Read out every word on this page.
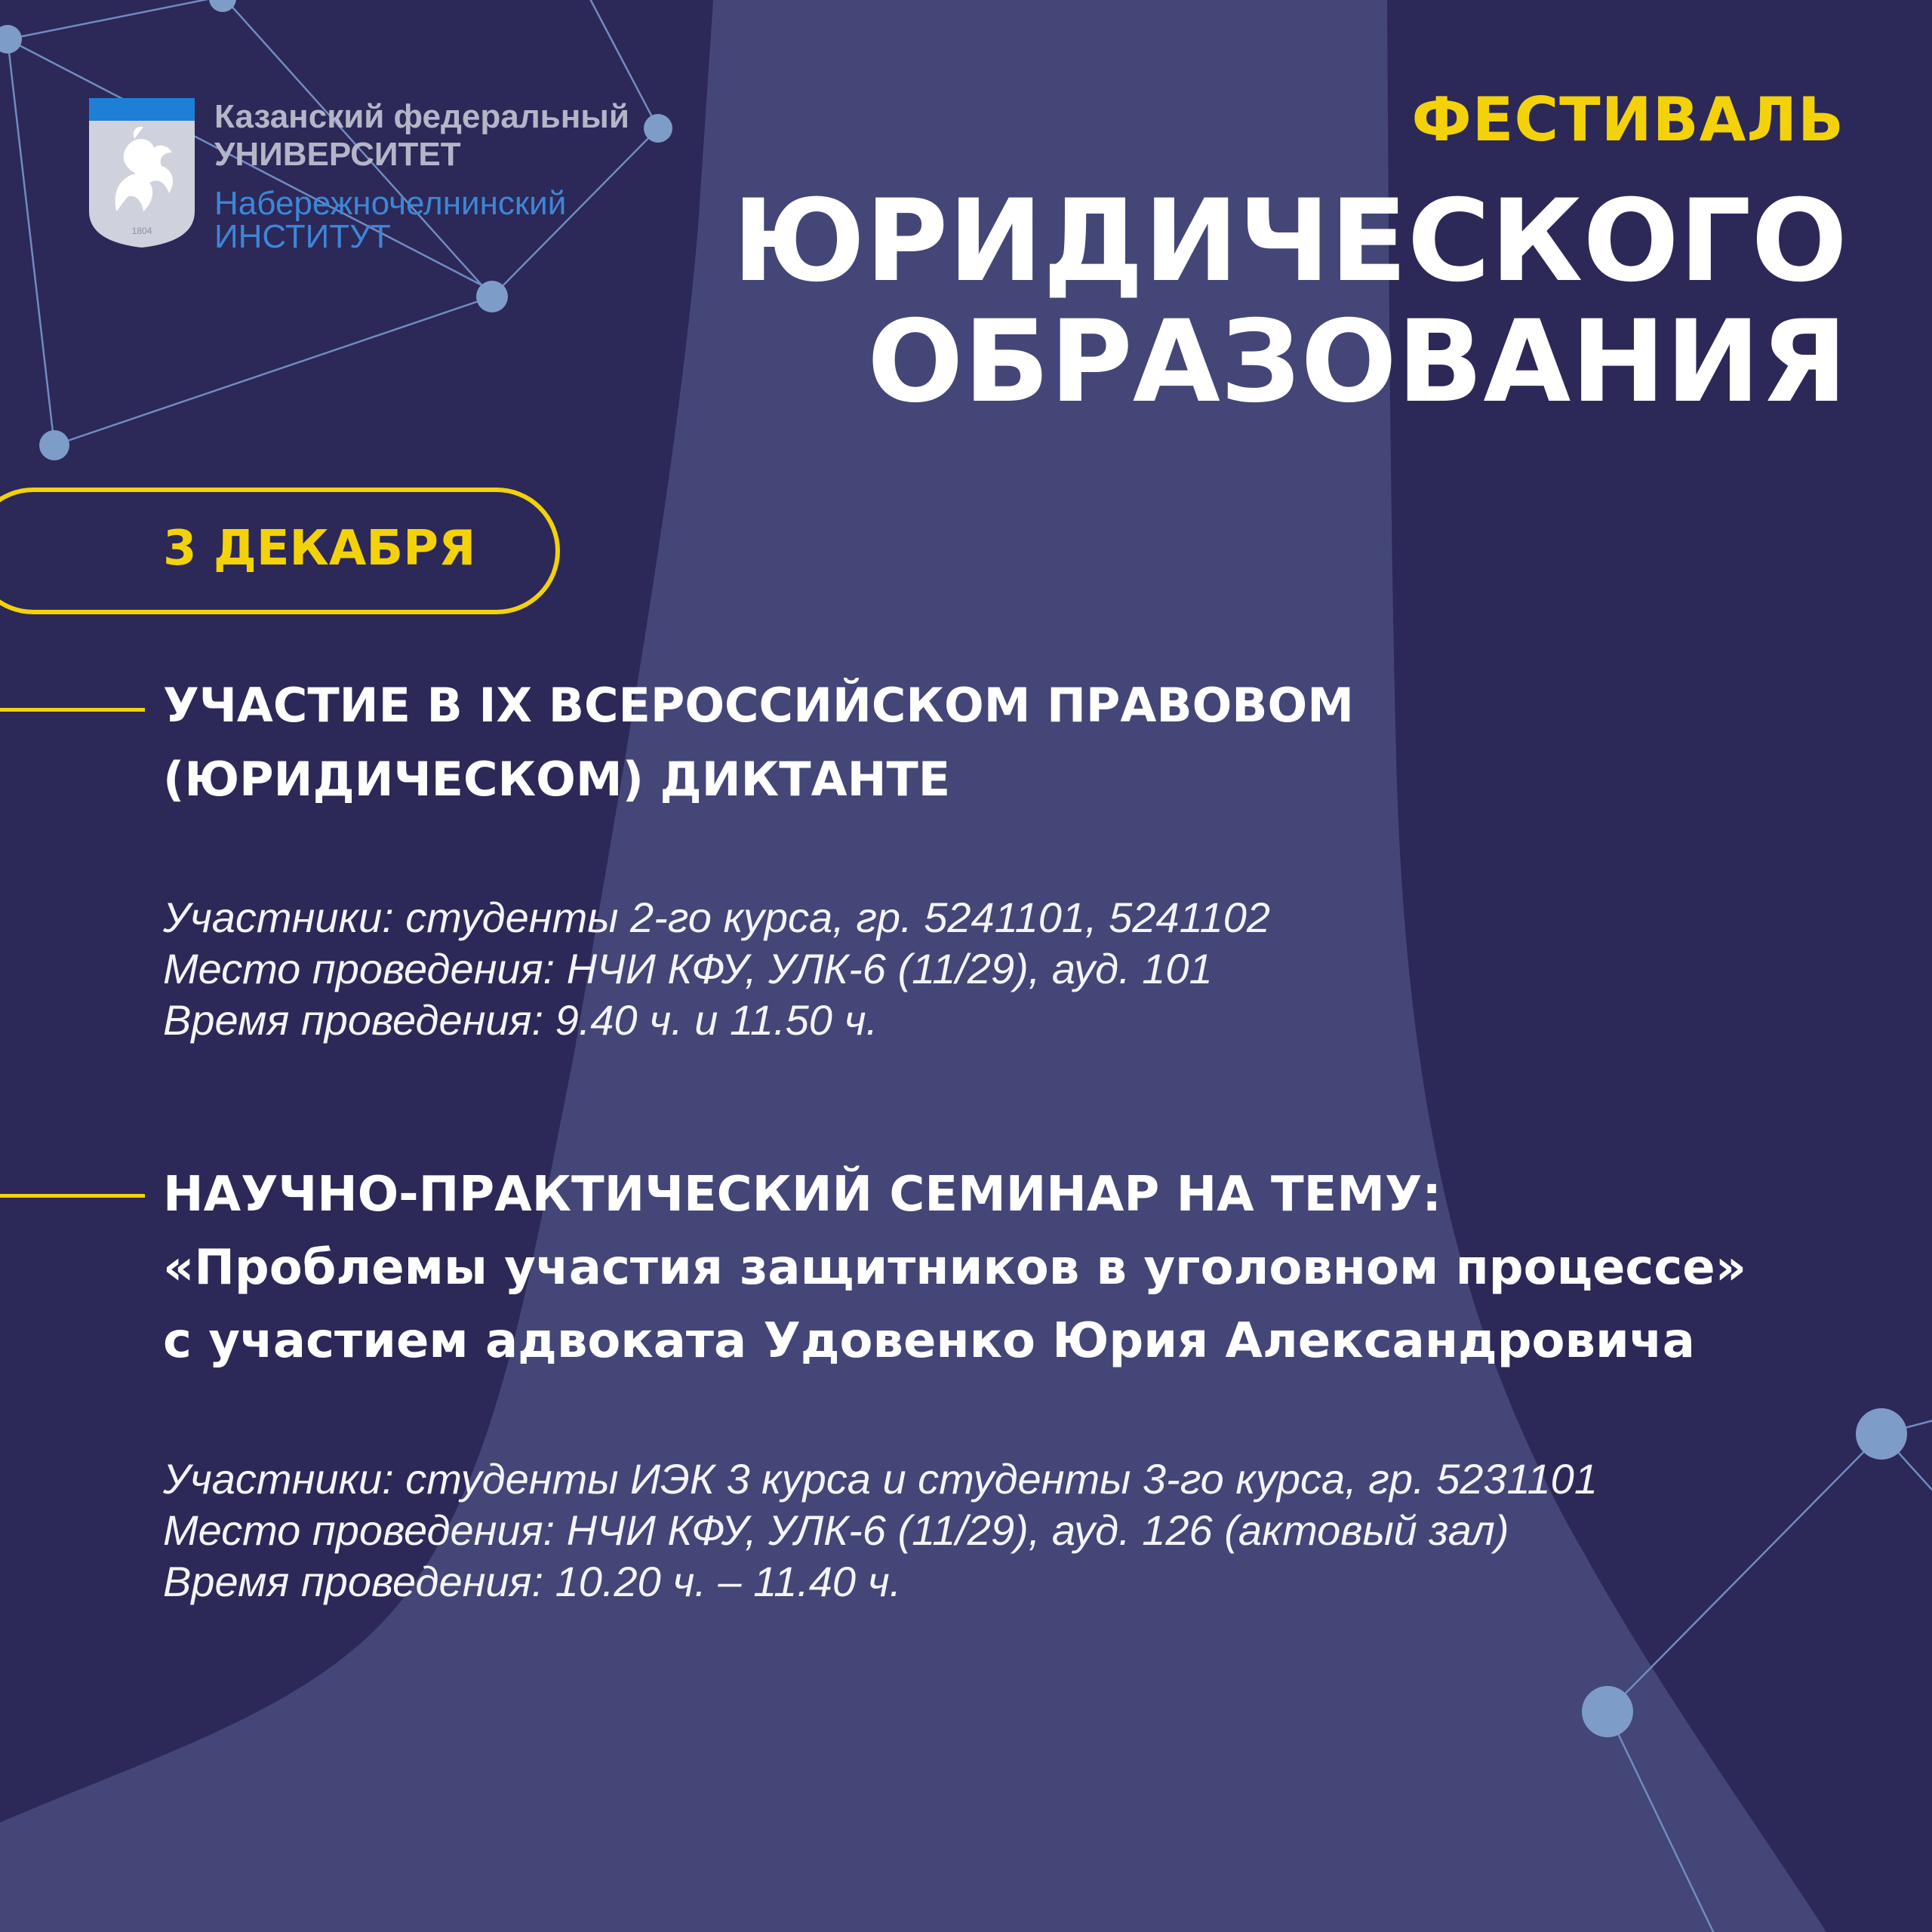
1804
Казанский федеральный
УНИВЕРСИТЕТ
Набережночелнинский
ИНСТИТУТ
ФЕСТИВАЛЬ
ЮРИДИЧЕСКОГО
ОБРАЗОВАНИЯ
3 ДЕКАБРЯ
УЧАСТИЕ В IX ВСЕРОССИЙСКОМ ПРАВОВОМ
(ЮРИДИЧЕСКОМ) ДИКТАНТЕ
Участники: студенты 2-го курса, гр. 5241101, 5241102
Место проведения: НЧИ КФУ, УЛК-6 (11/29), ауд. 101
Время проведения: 9.40 ч. и 11.50 ч.
НАУЧНО-ПРАКТИЧЕСКИЙ СЕМИНАР НА ТЕМУ:
«Проблемы участия защитников в уголовном процессе»
с участием адвоката Удовенко Юрия Александровича
Участники: студенты ИЭК 3 курса и студенты 3-го курса, гр. 5231101
Место проведения: НЧИ КФУ, УЛК-6 (11/29), ауд. 126 (актовый зал)
Время проведения: 10.20 ч. – 11.40 ч.
